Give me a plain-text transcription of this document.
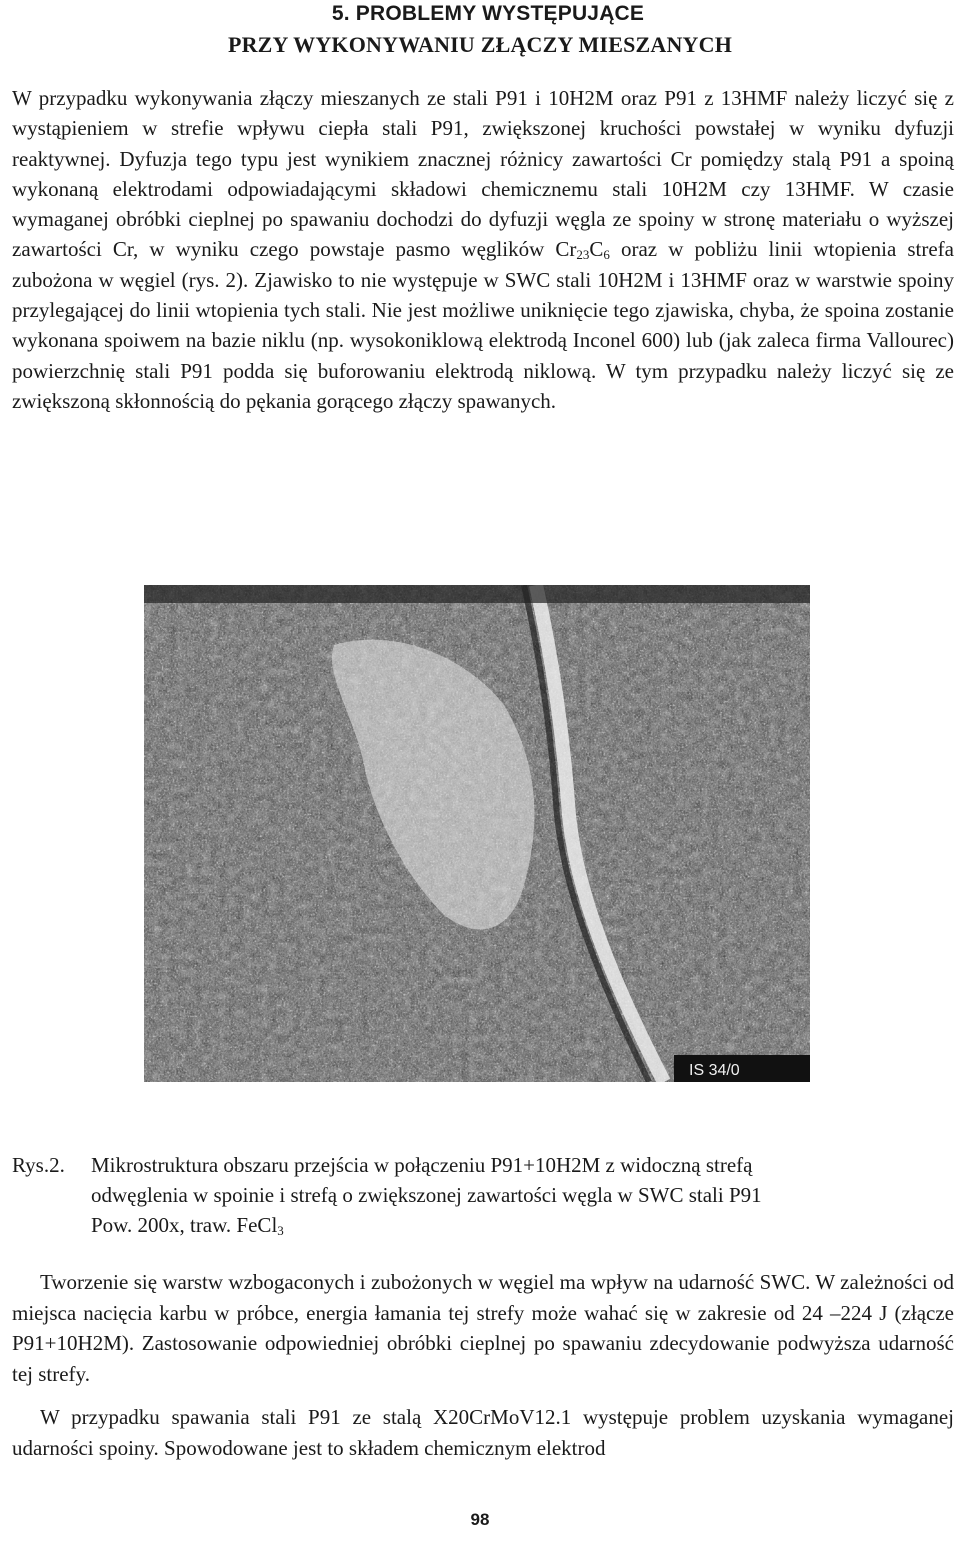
5. PROBLEMY WYSTĘPUJĄCE
PRZY WYKONYWANIU ZŁĄCZY MIESZANYCH
W przypadku wykonywania złączy mieszanych ze stali P91 i 10H2M oraz P91 z 13HMF należy liczyć się z wystąpieniem w strefie wpływu ciepła stali P91, zwiększonej kruchości powstałej w wyniku dyfuzji reaktywnej. Dyfuzja tego typu jest wynikiem znacznej różnicy zawartości Cr pomiędzy stalą P91 a spoiną wykonaną elektrodami odpowiadającymi składowi chemicznemu stali 10H2M czy 13HMF. W czasie wymaganej obróbki cieplnej po spawaniu dochodzi do dyfuzji węgla ze spoiny w stronę materiału o wyższej zawartości Cr, w wyniku czego powstaje pasmo węglików $Cr_{23}C_6$ oraz w pobliżu linii wtopienia strefa zubożona w węgiel (rys. 2). Zjawisko to nie występuje w SWC stali 10H2M i 13HMF oraz w warstwie spoiny przylegającej do linii wtopienia tych stali. Nie jest możliwe uniknięcie tego zjawiska, chyba, że spoina zostanie wykonana spoiwem na bazie niklu (np. wysokoniklową elektrodą Inconel 600) lub (jak zaleca firma Vallourec) powierzchnię stali P91 poddа się buforowaniu elektrodą niklową. W tym przypadku należy liczyć się ze zwiększoną skłonnością do pękania gorącego złączy spawanych.
IS 34/0
Rys.2.	Mikrostruktura obszaru przejścia w połączeniu P91+10H2M z widoczną strefą
odwęglenia w spoinie i strefą o zwiększonej zawartości węgla w SWC stali P91
Pow. 200x, traw. FeCl$_3$
Tworzenie się warstw wzbogaconych i zubożonych w węgiel ma wpływ na udarność SWC. W zależności od miejsca nacięcia karbu w próbce, energia łamania tej strefy może wahać się w zakresie od 24 –224 J (złącze P91+10H2M). Zastosowanie odpowiedniej obróbki cieplnej po spawaniu zdecydowanie podwyższa udarność tej strefy.
W przypadku spawania stali P91 ze stalą X20CrMoV12.1 występuje problem uzyskania wymaganej udarności spoiny. Spowodowane jest to składem chemicznym elektrod
98
